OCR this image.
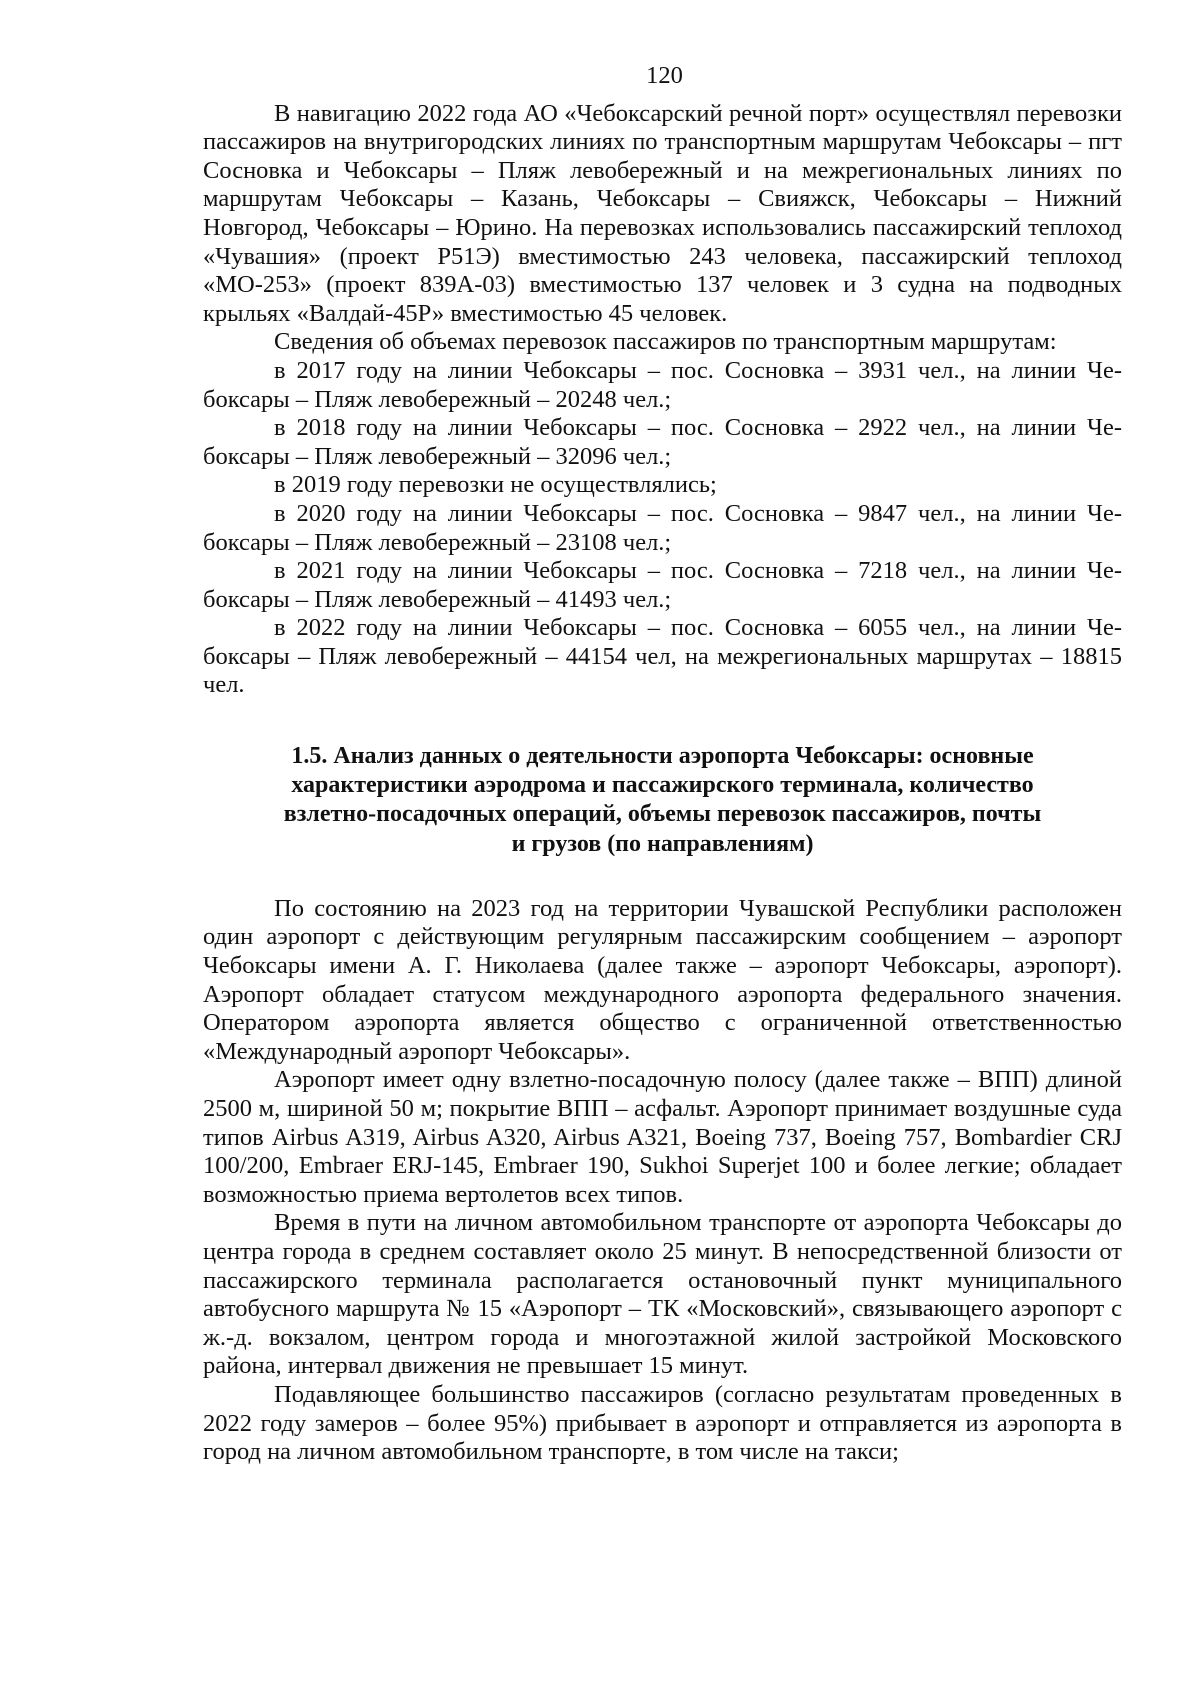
120

В навигацию 2022 года АО «Чебоксарский речной порт» осуществлял перевозки пассажиров на внутригородских линиях по транспортным маршрутам Чебоксары – пгт Сосновка и Чебоксары – Пляж левобережный и на межрегиональных линиях по маршрутам Чебоксары – Казань, Чебоксары – Свияжск, Чебоксары – Нижний Новгород, Чебоксары – Юрино. На перевозках использовались пассажирский теплоход «Чувашия» (проект Р51Э) вместимостью 243 человека, пассажирский теплоход «МО-253» (проект 839А-03) вместимостью 137 человек и 3 судна на подводных крыльях «Валдай-45Р» вместимостью 45 человек.

Сведения об объемах перевозок пассажиров по транспортным маршрутам:

в 2017 году на линии Чебоксары – пос. Сосновка – 3931 чел., на линии Чебоксары – Пляж левобережный – 20248 чел.;

в 2018 году на линии Чебоксары – пос. Сосновка – 2922 чел., на линии Чебоксары – Пляж левобережный – 32096 чел.;

в 2019 году перевозки не осуществлялись;

в 2020 году на линии Чебоксары – пос. Сосновка – 9847 чел., на линии Чебоксары – Пляж левобережный – 23108 чел.;

в 2021 году на линии Чебоксары – пос. Сосновка – 7218 чел., на линии Чебоксары – Пляж левобережный – 41493 чел.;

в 2022 году на линии Чебоксары – пос. Сосновка – 6055 чел., на линии Чебоксары – Пляж левобережный – 44154 чел, на межрегиональных маршрутах – 18815 чел.

1.5. Анализ данных о деятельности аэропорта Чебоксары: основные
характеристики аэродрома и пассажирского терминала, количество
взлетно-посадочных операций, объемы перевозок пассажиров, почты
и грузов (по направлениям)

По состоянию на 2023 год на территории Чувашской Республики расположен один аэропорт с действующим регулярным пассажирским сообщением – аэропорт Чебоксары имени А. Г. Николаева (далее также – аэропорт Чебоксары, аэропорт). Аэропорт обладает статусом международного аэропорта федерального значения. Оператором аэропорта является общество с ограниченной ответственностью «Международный аэропорт Чебоксары».

Аэропорт имеет одну взлетно-посадочную полосу (далее также – ВПП) длиной 2500 м, шириной 50 м; покрытие ВПП – асфальт. Аэропорт принимает воздушные суда типов Airbus A319, Airbus A320, Airbus A321, Boeing 737, Boeing 757, Bombardier CRJ 100/200, Embraer ERJ-145, Embraer 190, Sukhoi Superjet 100 и более легкие; обладает возможностью приема вертолетов всех типов.

Время в пути на личном автомобильном транспорте от аэропорта Чебоксары до центра города в среднем составляет около 25 минут. В непосредственной близости от пассажирского терминала располагается остановочный пункт муниципального автобусного маршрута № 15 «Аэропорт – ТК «Московский», связывающего аэропорт с ж.-д. вокзалом, центром города и многоэтажной жилой застройкой Московского района, интервал движения не превышает 15 минут.

Подавляющее большинство пассажиров (согласно результатам проведенных в 2022 году замеров – более 95%) прибывает в аэропорт и отправляется из аэропорта в город на личном автомобильном транспорте, в том числе на такси;
